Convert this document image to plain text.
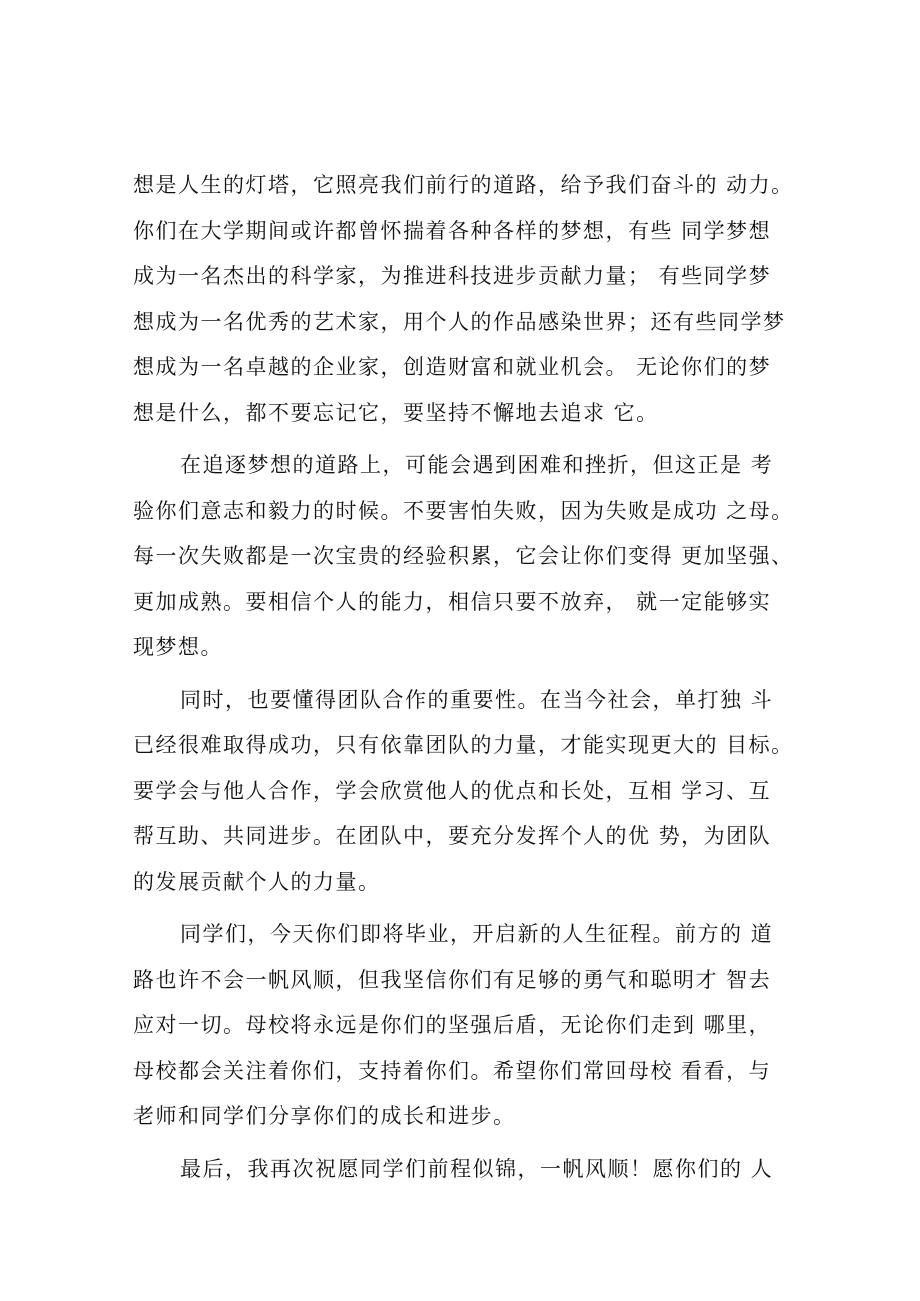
想是人生的灯塔，它照亮我们前行的道路，给予我们奋斗的 动力。
你们在大学期间或许都曾怀揣着各种各样的梦想，有些 同学梦想
成为一名杰出的科学家，为推进科技进步贡献力量； 有些同学梦
想成为一名优秀的艺术家，用个人的作品感染世界；还有些同学梦
想成为一名卓越的企业家，创造财富和就业机会。 无论你们的梦
想是什么，都不要忘记它，要坚持不懈地去追求 它。
在追逐梦想的道路上，可能会遇到困难和挫折，但这正是 考
验你们意志和毅力的时候。不要害怕失败，因为失败是成功 之母。
每一次失败都是一次宝贵的经验积累，它会让你们变得 更加坚强、
更加成熟。要相信个人的能力，相信只要不放弃， 就一定能够实
现梦想。
同时，也要懂得团队合作的重要性。在当今社会，单打独 斗
已经很难取得成功，只有依靠团队的力量，才能实现更大的 目标。
要学会与他人合作，学会欣赏他人的优点和长处，互相 学习、互
帮互助、共同进步。在团队中，要充分发挥个人的优 势，为团队
的发展贡献个人的力量。
同学们，今天你们即将毕业，开启新的人生征程。前方的 道
路也许不会一帆风顺，但我坚信你们有足够的勇气和聪明才 智去
应对一切。母校将永远是你们的坚强后盾，无论你们走到 哪里，
母校都会关注着你们，支持着你们。希望你们常回母校 看看，与
老师和同学们分享你们的成长和进步。
最后，我再次祝愿同学们前程似锦，一帆风顺！愿你们的 人
